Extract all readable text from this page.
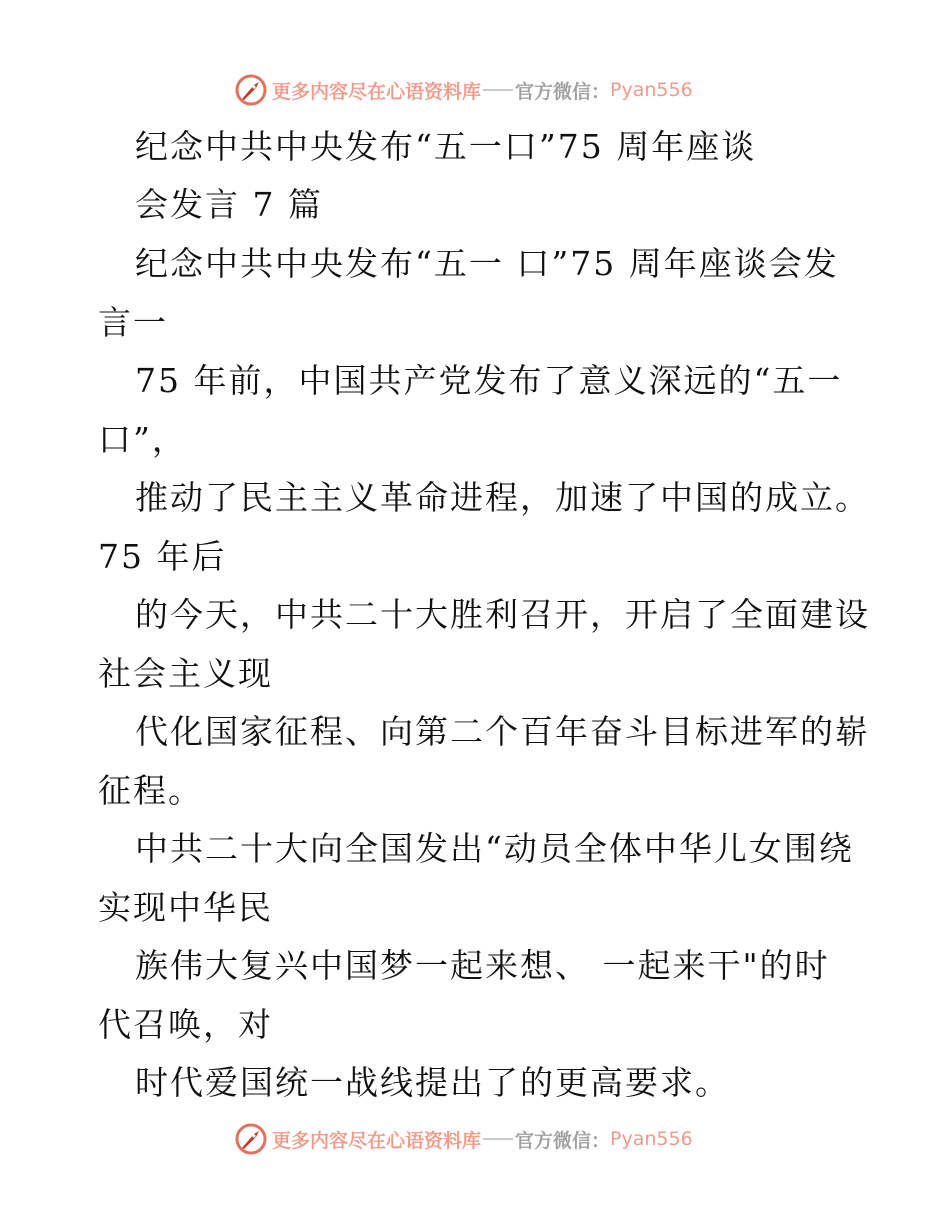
更多内容尽在心语资料库 官方微信： Pyan556
纪念中共中央发布“五一口”75 周年座谈
会发言 7 篇
纪念中共中央发布“五一 口”75 周年座谈会发
言一
75 年前，中国共产党发布了意义深远的“五一
口”，
推动了民主主义革命进程，加速了中国的成立。
75 年后
的今天，中共二十大胜利召开，开启了全面建设
社会主义现
代化国家征程、向第二个百年奋斗目标进军的崭
征程。
中共二十大向全国发出“动员全体中华儿女围绕
实现中华民
族伟大复兴中国梦一起来想、 一起来干"的时
代召唤，对
时代爱国统一战线提出了的更高要求。
更多内容尽在心语资料库 官方微信： Pyan556
